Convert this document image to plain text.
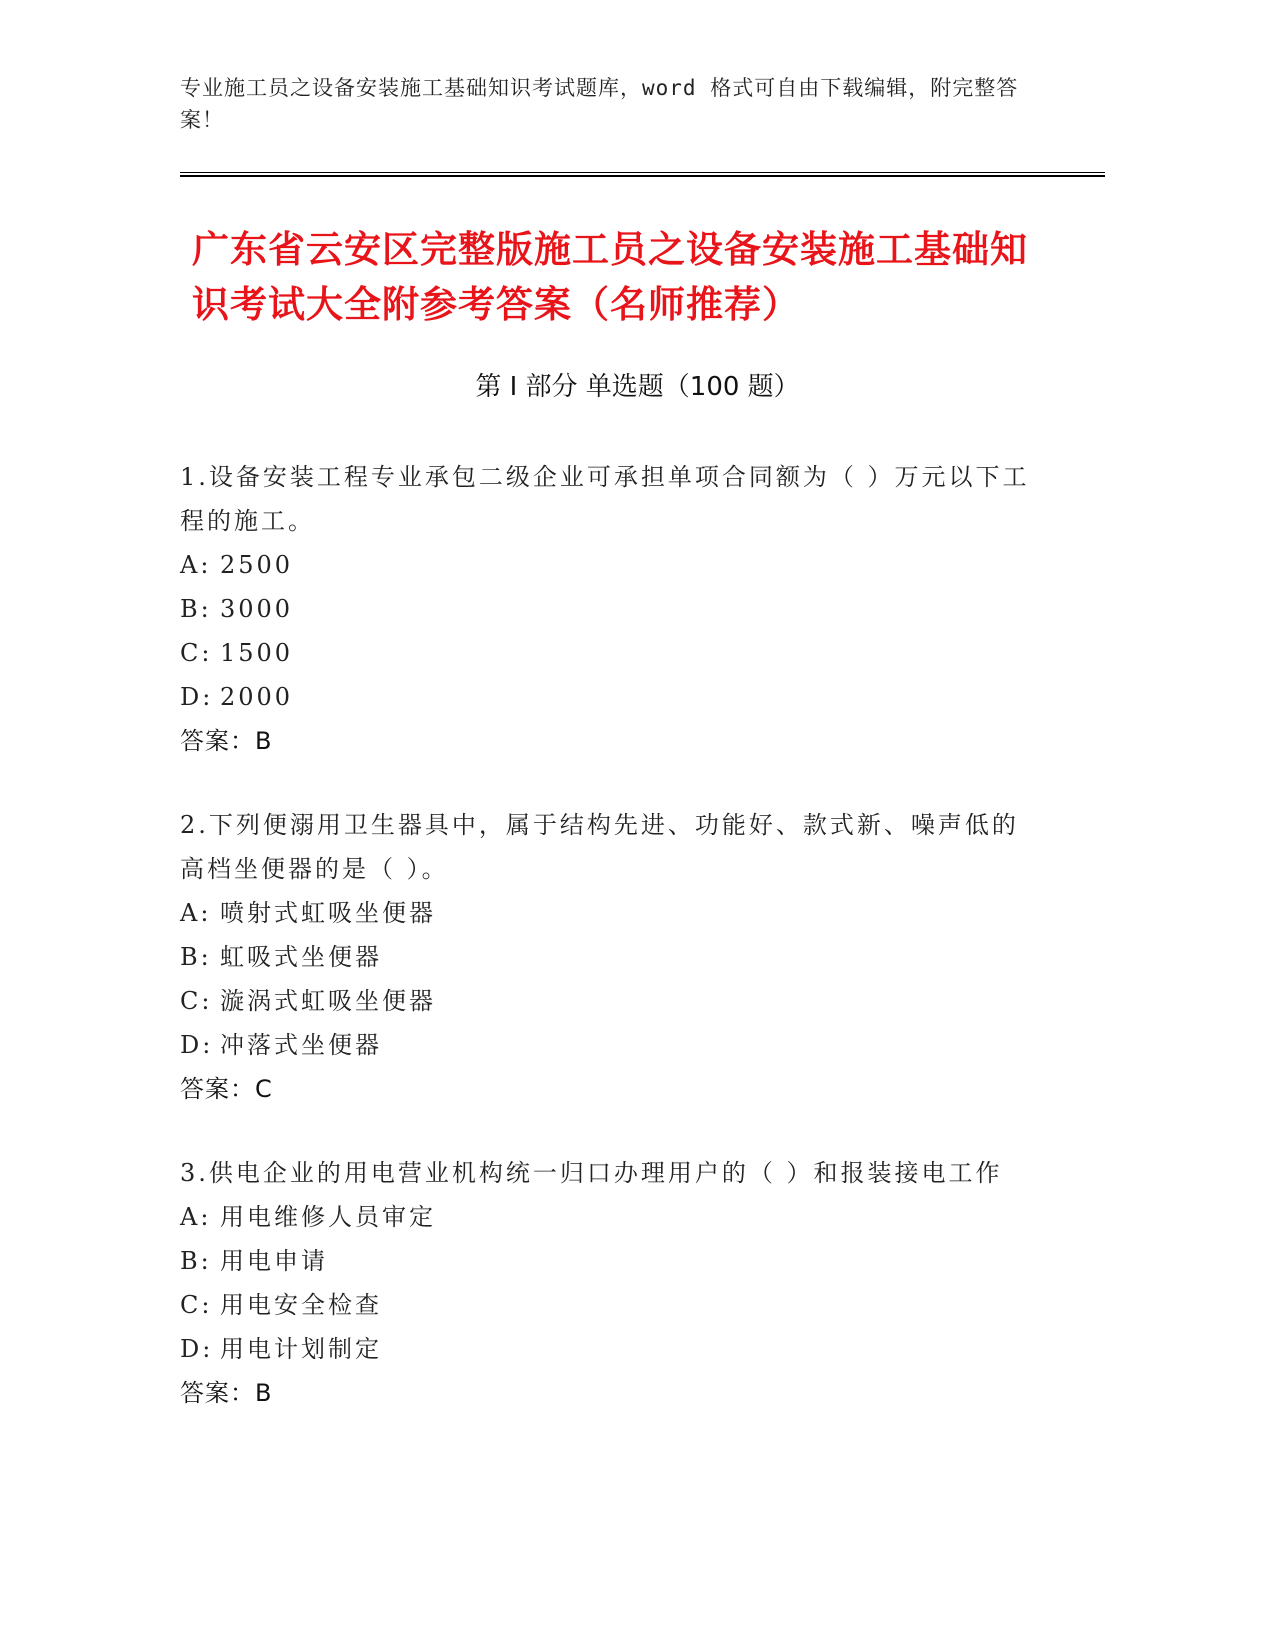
专业施工员之设备安装施工基础知识考试题库，word 格式可自由下载编辑，附完整答案！
广东省云安区完整版施工员之设备安装施工基础知识考试大全附参考答案（名师推荐）
第 I 部分 单选题（100 题）
1.设备安装工程专业承包二级企业可承担单项合同额为（ ）万元以下工程的施工。
A: 2500
B: 3000
C: 1500
D: 2000
答案：B
2.下列便溺用卫生器具中，属于结构先进、功能好、款式新、噪声低的高档坐便器的是（ ）。
A: 喷射式虹吸坐便器
B: 虹吸式坐便器
C: 漩涡式虹吸坐便器
D: 冲落式坐便器
答案：C
3.供电企业的用电营业机构统一归口办理用户的（ ）和报装接电工作
A: 用电维修人员审定
B: 用电申请
C: 用电安全检查
D: 用电计划制定
答案：B
